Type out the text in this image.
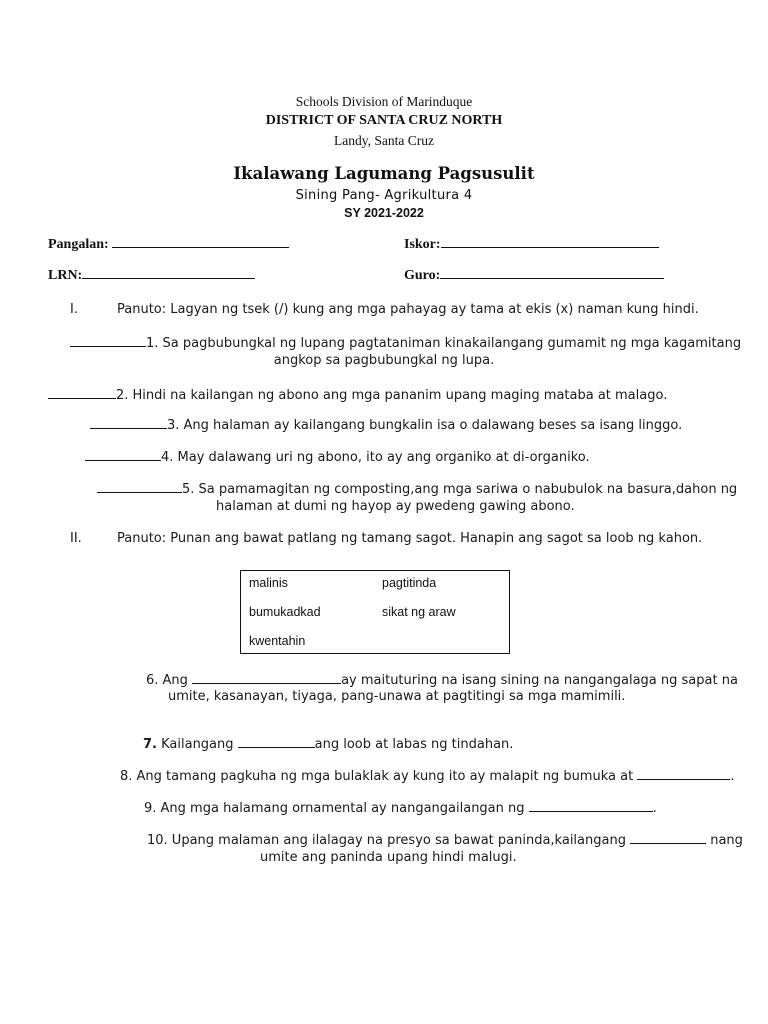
Schools Division of Marinduque
DISTRICT OF SANTA CRUZ NORTH
Landy, Santa Cruz
Ikalawang Lagumang Pagsusulit
Sining Pang- Agrikultura 4
SY 2021-2022
Pangalan:	Iskor:
LRN:	Guro:
I.	Panuto: Lagyan ng tsek (/) kung ang mga pahayag ay tama at ekis (x) naman kung hindi.
1. Sa pagbubungkal ng lupang pagtataniman kinakailangang gumamit ng mga kagamitang
angkop sa pagbubungkal ng lupa.
2. Hindi na kailangan ng abono ang mga pananim upang maging mataba at malago.
3. Ang halaman ay kailangang bungkalin isa o dalawang beses sa isang linggo.
4. May dalawang uri ng abono, ito ay ang organiko at di-organiko.
5. Sa pamamagitan ng composting,ang mga sariwa o nabubulok na basura,dahon ng
halaman at dumi ng hayop ay pwedeng gawing abono.
II.	Panuto: Punan ang bawat patlang ng tamang sagot. Hanapin ang sagot sa loob ng kahon.
malinis	pagtitinda
bumukadkad	sikat ng araw
kwentahin
6. Ang	ay maituturing na isang sining na nangangalaga ng sapat na
umite, kasanayan, tiyaga, pang-unawa at pagtitingi sa mga mamimili.
7. Kailangang	ang loob at labas ng tindahan.
8. Ang tamang pagkuha ng mga bulaklak ay kung ito ay malapit ng bumuka at	.
9. Ang mga halamang ornamental ay nangangailangan ng	.
10. Upang malaman ang ilalagay na presyo sa bawat paninda,kailangang	nang
umite ang paninda upang hindi malugi.
